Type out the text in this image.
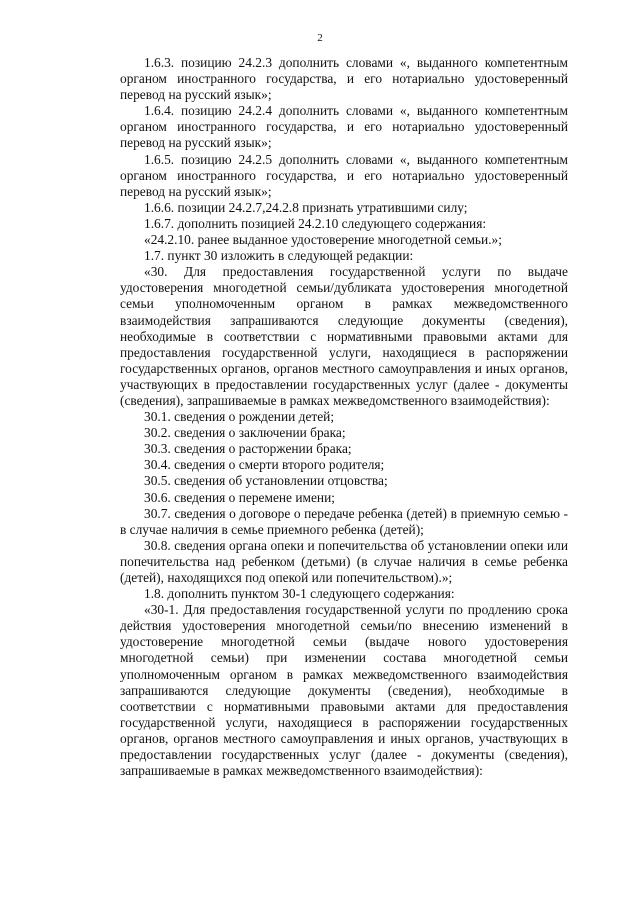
2

1.6.3. позицию 24.2.3 дополнить словами «, выданного компетентным органом иностранного государства, и его нотариально удостоверенный перевод на русский язык»;

1.6.4. позицию 24.2.4 дополнить словами «, выданного компетентным органом иностранного государства, и его нотариально удостоверенный перевод на русский язык»;

1.6.5. позицию 24.2.5 дополнить словами «, выданного компетентным органом иностранного государства, и его нотариально удостоверенный перевод на русский язык»;

1.6.6. позиции 24.2.7,24.2.8 признать утратившими силу;

1.6.7. дополнить позицией 24.2.10 следующего содержания:

«24.2.10. ранее выданное удостоверение многодетной семьи.»;

1.7. пункт 30 изложить в следующей редакции:

«30. Для предоставления государственной услуги по выдаче удостоверения многодетной семьи/дубликата удостоверения многодетной семьи уполномоченным органом в рамках межведомственного взаимодействия запрашиваются следующие документы (сведения), необходимые в соответствии с нормативными правовыми актами для предоставления государственной услуги, находящиеся в распоряжении государственных органов, органов местного самоуправления и иных органов, участвующих в предоставлении государственных услуг (далее - документы (сведения), запрашиваемые в рамках межведомственного взаимодействия):

30.1. сведения о рождении детей;

30.2. сведения о заключении брака;

30.3. сведения о расторжении брака;

30.4. сведения о смерти второго родителя;

30.5. сведения об установлении отцовства;

30.6. сведения о перемене имени;

30.7. сведения о договоре о передаче ребенка (детей) в приемную семью - в случае наличия в семье приемного ребенка (детей);

30.8. сведения органа опеки и попечительства об установлении опеки или попечительства над ребенком (детьми) (в случае наличия в семье ребенка (детей), находящихся под опекой или попечительством).»;

1.8. дополнить пунктом 30-1 следующего содержания:

«30-1. Для предоставления государственной услуги по продлению срока действия удостоверения многодетной семьи/по внесению изменений в удостоверение многодетной семьи (выдаче нового удостоверения многодетной семьи) при изменении состава многодетной семьи уполномоченным органом в рамках межведомственного взаимодействия запрашиваются следующие документы (сведения), необходимые в соответствии с нормативными правовыми актами для предоставления государственной услуги, находящиеся в распоряжении государственных органов, органов местного самоуправления и иных органов, участвующих в предоставлении государственных услуг (далее - документы (сведения), запрашиваемые в рамках межведомственного взаимодействия):
